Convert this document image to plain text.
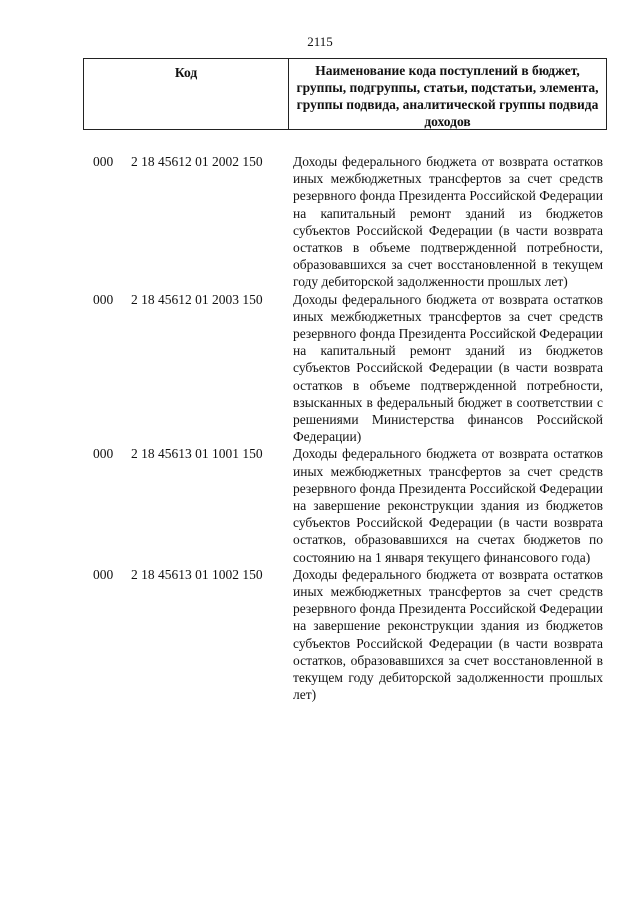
2115
Код	Наименование кода поступлений в бюджет, группы, подгруппы, статьи, подстатьи, элемента, группы подвида, аналитической группы подвида доходов
000	2 18 45612 01 2002 150	Доходы федерального бюджета от возврата остатков иных межбюджетных трансфертов за счет средств резервного фонда Президента Российской Федерации на капитальный ремонт зданий из бюджетов субъектов Российской Федерации (в части возврата остатков в объеме подтвержденной потребности, образовавшихся за счет восстановленной в текущем году дебиторской задолженности прошлых лет)
000	2 18 45612 01 2003 150	Доходы федерального бюджета от возврата остатков иных межбюджетных трансфертов за счет средств резервного фонда Президента Российской Федерации на капитальный ремонт зданий из бюджетов субъектов Российской Федерации (в части возврата остатков в объеме подтвержденной потребности, взысканных в федеральный бюджет в соответствии с решениями Министерства финансов Российской Федерации)
000	2 18 45613 01 1001 150	Доходы федерального бюджета от возврата остатков иных межбюджетных трансфертов за счет средств резервного фонда Президента Российской Федерации на завершение реконструкции здания из бюджетов субъектов Российской Федерации (в части возврата остатков, образовавшихся на счетах бюджетов по состоянию на 1 января текущего финансового года)
000	2 18 45613 01 1002 150	Доходы федерального бюджета от возврата остатков иных межбюджетных трансфертов за счет средств резервного фонда Президента Российской Федерации на завершение реконструкции здания из бюджетов субъектов Российской Федерации (в части возврата остатков, образовавшихся за счет восстановленной в текущем году дебиторской задолженности прошлых лет)
